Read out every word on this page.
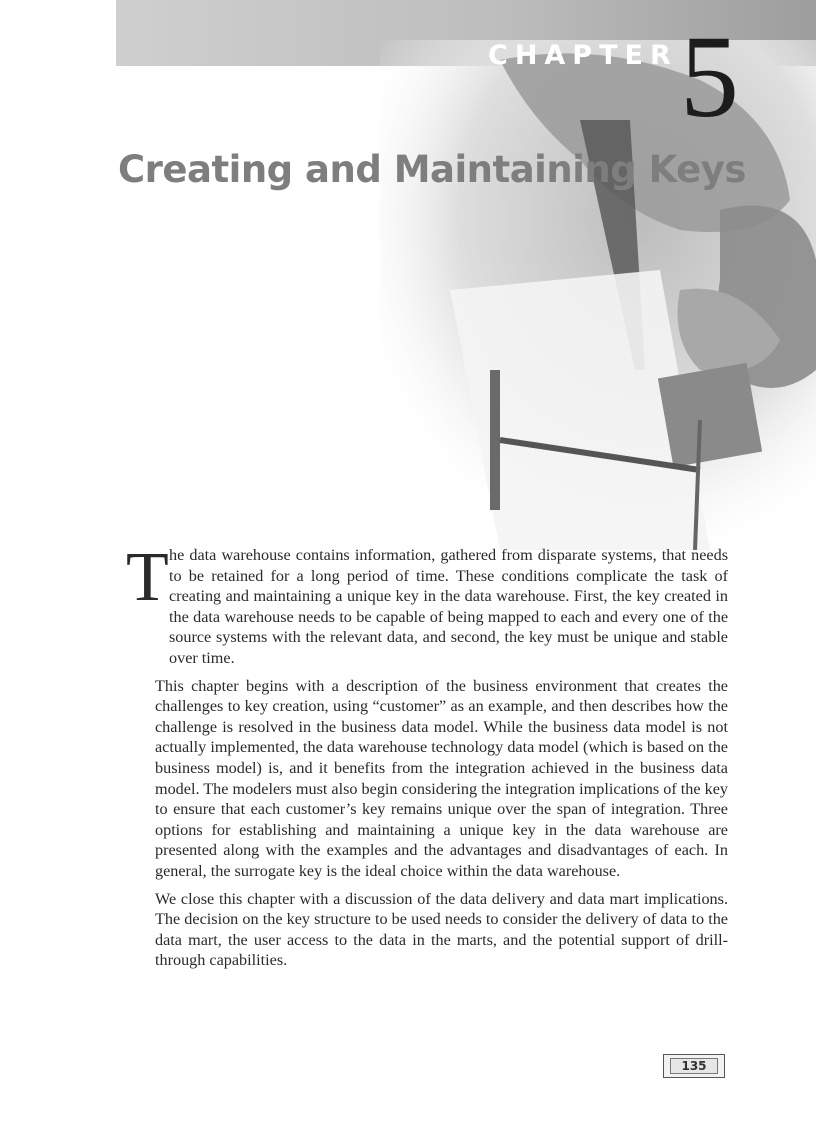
CHAPTER 5
Creating and Maintaining Keys
T he data warehouse contains information, gathered from disparate systems, that needs to be retained for a long period of time. These conditions complicate the task of creating and maintaining a unique key in the data warehouse. First, the key created in the data warehouse needs to be capable of being mapped to each and every one of the source systems with the relevant data, and second, the key must be unique and stable over time.

This chapter begins with a description of the business environment that creates the challenges to key creation, using “customer” as an example, and then describes how the challenge is resolved in the business data model. While the business data model is not actually implemented, the data warehouse technology data model (which is based on the business model) is, and it benefits from the integration achieved in the business data model. The modelers must also begin considering the integration implications of the key to ensure that each customer’s key remains unique over the span of integration. Three options for establishing and maintaining a unique key in the data warehouse are presented along with the examples and the advantages and disadvantages of each. In general, the surrogate key is the ideal choice within the data warehouse.

We close this chapter with a discussion of the data delivery and data mart implications. The decision on the key structure to be used needs to consider the delivery of data to the data mart, the user access to the data in the marts, and the potential support of drill-through capabilities.

135
